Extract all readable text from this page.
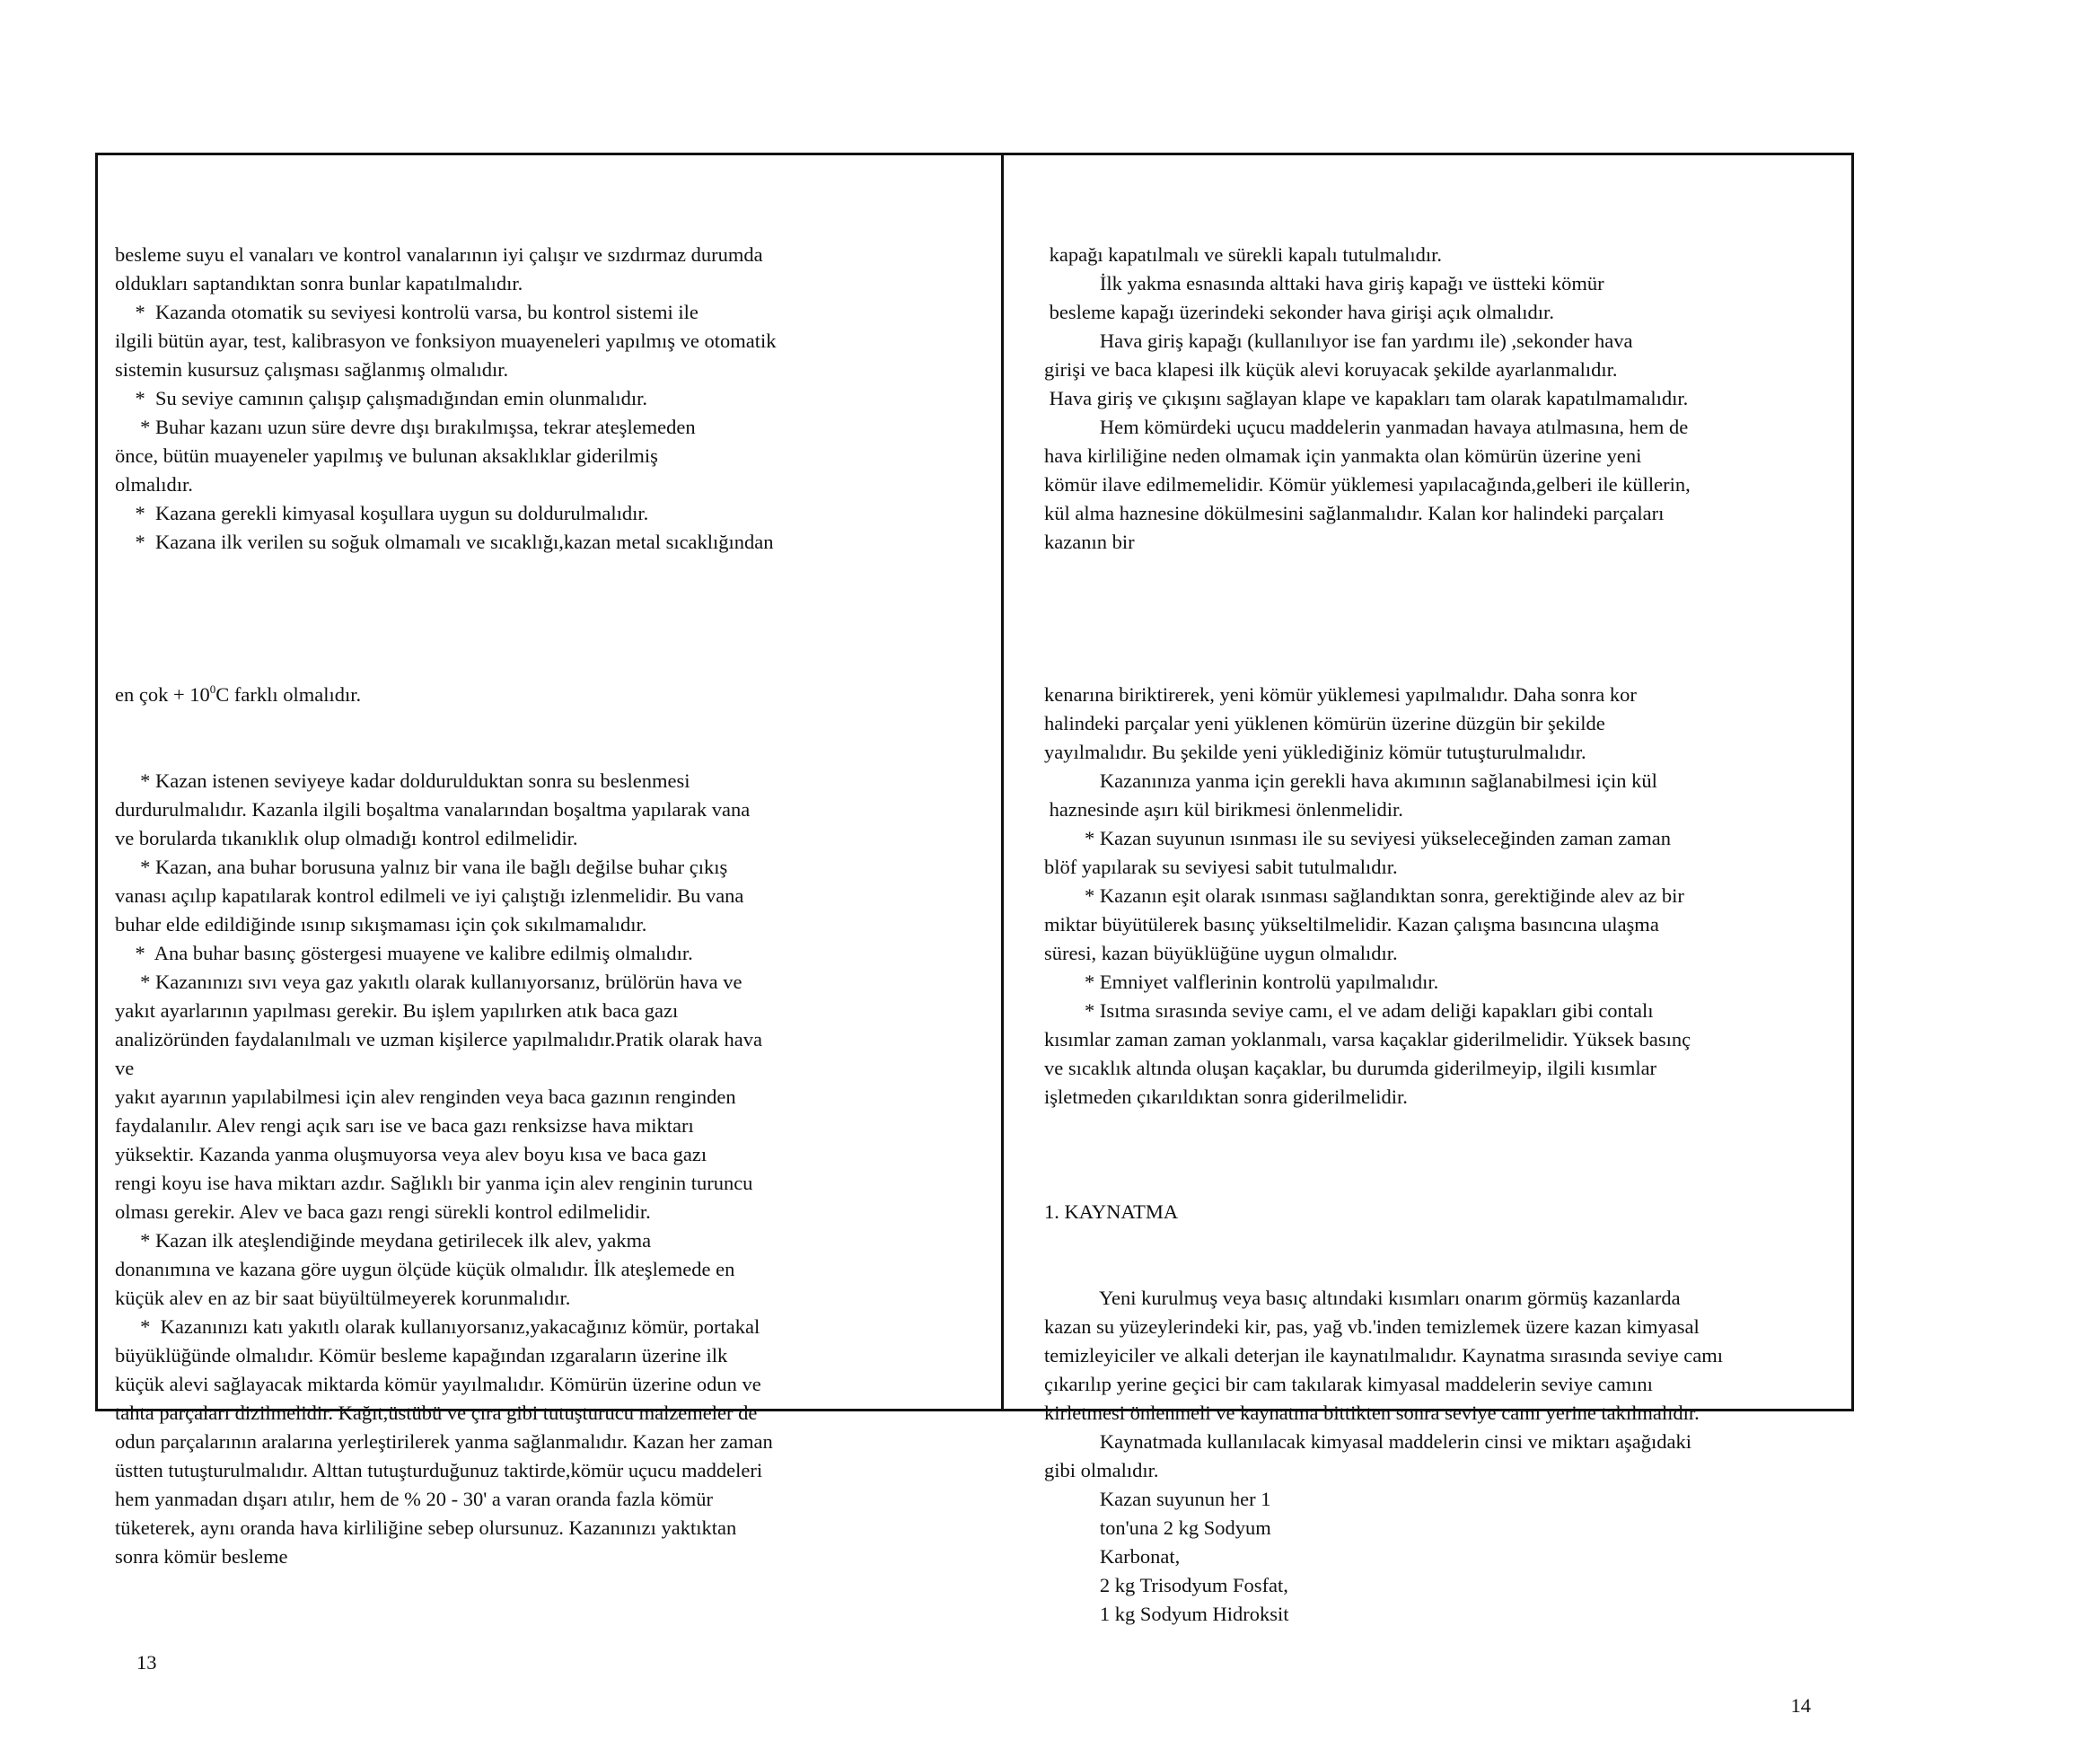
besleme suyu el vanaları ve kontrol vanalarının iyi çalışır ve sızdırmaz durumda
oldukları saptandıktan sonra bunlar kapatılmalıdır.
*  Kazanda otomatik su seviyesi kontrolü varsa, bu kontrol sistemi ile
ilgili bütün ayar, test, kalibrasyon ve fonksiyon muayeneleri yapılmış ve otomatik
sistemin kusursuz çalışması sağlanmış olmalıdır.
*  Su seviye camının çalışıp çalışmadığından emin olunmalıdır.
* Buhar kazanı uzun süre devre dışı bırakılmışsa, tekrar ateşlemeden
önce, bütün muayeneler yapılmış ve bulunan aksaklıklar giderilmiş
olmalıdır.
*  Kazana gerekli kimyasal koşullara uygun su doldurulmalıdır.
*  Kazana ilk verilen su soğuk olmamalı ve sıcaklığı,kazan metal sıcaklığından

en çok + $10^0C$ farklı olmalıdır.

* Kazan istenen seviyeye kadar doldurulduktan sonra su beslenmesi
durdurulmalıdır. Kazanla ilgili boşaltma vanalarından boşaltma yapılarak vana
ve borularda tıkanıklık olup olmadığı kontrol edilmelidir.
* Kazan, ana buhar borusuna yalnız bir vana ile bağlı değilse buhar çıkış
vanası açılıp kapatılarak kontrol edilmeli ve iyi çalıştığı izlenmelidir. Bu vana
buhar elde edildiğinde ısınıp sıkışmaması için çok sıkılmamalıdır.
*  Ana buhar basınç göstergesi muayene ve kalibre edilmiş olmalıdır.
* Kazanınızı sıvı veya gaz yakıtlı olarak kullanıyorsanız, brülörün hava ve
yakıt ayarlarının yapılması gerekir. Bu işlem yapılırken atık baca gazı
analizöründen faydalanılmalı ve uzman kişilerce yapılmalıdır.Pratik olarak hava
ve
yakıt ayarının yapılabilmesi için alev renginden veya baca gazının renginden
faydalanılır. Alev rengi açık sarı ise ve baca gazı renksizse hava miktarı
yüksektir. Kazanda yanma oluşmuyorsa veya alev boyu kısa ve baca gazı
rengi koyu ise hava miktarı azdır. Sağlıklı bir yanma için alev renginin turuncu
olması gerekir. Alev ve baca gazı rengi sürekli kontrol edilmelidir.
* Kazan ilk ateşlendiğinde meydana getirilecek ilk alev, yakma
donanımına ve kazana göre uygun ölçüde küçük olmalıdır. İlk ateşlemede en
küçük alev en az bir saat büyültülmeyerek korunmalıdır.
*  Kazanınızı katı yakıtlı olarak kullanıyorsanız,yakacağınız kömür, portakal
büyüklüğünde olmalıdır. Kömür besleme kapağından ızgaraların üzerine ilk
küçük alevi sağlayacak miktarda kömür yayılmalıdır. Kömürün üzerine odun ve
tahta parçaları dizilmelidir. Kağıt,üstübü ve çıra gibi tutuşturucu malzemeler de
odun parçalarının aralarına yerleştirilerek yanma sağlanmalıdır. Kazan her zaman
üstten tutuşturulmalıdır. Alttan tutuşturduğunuz taktirde,kömür uçucu maddeleri
hem yanmadan dışarı atılır, hem de % 20 - 30' a varan oranda fazla kömür
tüketerek, aynı oranda hava kirliliğine sebep olursunuz. Kazanınızı yaktıktan
sonra kömür besleme

13

kapağı kapatılmalı ve sürekli kapalı tutulmalıdır.
İlk yakma esnasında alttaki hava giriş kapağı ve üstteki kömür
besleme kapağı üzerindeki sekonder hava girişi açık olmalıdır.
Hava giriş kapağı (kullanılıyor ise fan yardımı ile) ,sekonder hava
girişi ve baca klapesi ilk küçük alevi koruyacak şekilde ayarlanmalıdır.
Hava giriş ve çıkışını sağlayan klape ve kapakları tam olarak kapatılmamalıdır.
Hem kömürdeki uçucu maddelerin yanmadan havaya atılmasına, hem de
hava kirliliğine neden olmamak için yanmakta olan kömürün üzerine yeni
kömür ilave edilmemelidir. Kömür yüklemesi yapılacağında,gelberi ile küllerin,
kül alma haznesine dökülmesini sağlanmalıdır. Kalan kor halindeki parçaları
kazanın bir

kenarına biriktirerek, yeni kömür yüklemesi yapılmalıdır. Daha sonra kor
halindeki parçalar yeni yüklenen kömürün üzerine düzgün bir şekilde
yayılmalıdır. Bu şekilde yeni yüklediğiniz kömür tutuşturulmalıdır.
Kazanınıza yanma için gerekli hava akımının sağlanabilmesi için kül
haznesinde aşırı kül birikmesi önlenmelidir.
* Kazan suyunun ısınması ile su seviyesi yükseleceğinden zaman zaman
blöf yapılarak su seviyesi sabit tutulmalıdır.
* Kazanın eşit olarak ısınması sağlandıktan sonra, gerektiğinde alev az bir
miktar büyütülerek basınç yükseltilmelidir. Kazan çalışma basıncına ulaşma
süresi, kazan büyüklüğüne uygun olmalıdır.
* Emniyet valflerinin kontrolü yapılmalıdır.
* Isıtma sırasında seviye camı, el ve adam deliği kapakları gibi contalı
kısımlar zaman zaman yoklanmalı, varsa kaçaklar giderilmelidir. Yüksek basınç
ve sıcaklık altında oluşan kaçaklar, bu durumda giderilmeyip, ilgili kısımlar
işletmeden çıkarıldıktan sonra giderilmelidir.

1. KAYNATMA

Yeni kurulmuş veya basıç altındaki kısımları onarım görmüş kazanlarda
kazan su yüzeylerindeki kir, pas, yağ vb.'inden temizlemek üzere kazan kimyasal
temizleyiciler ve alkali deterjan ile kaynatılmalıdır. Kaynatma sırasında seviye camı
çıkarılıp yerine geçici bir cam takılarak kimyasal maddelerin seviye camını
kirletmesi önlenmeli ve kaynatma bittikten sonra seviye camı yerine takılmalıdır.
Kaynatmada kullanılacak kimyasal maddelerin cinsi ve miktarı aşağıdaki
gibi olmalıdır.
Kazan suyunun her 1
ton'una 2 kg Sodyum
Karbonat,
2 kg Trisodyum Fosfat,
1 kg Sodyum Hidroksit

14
